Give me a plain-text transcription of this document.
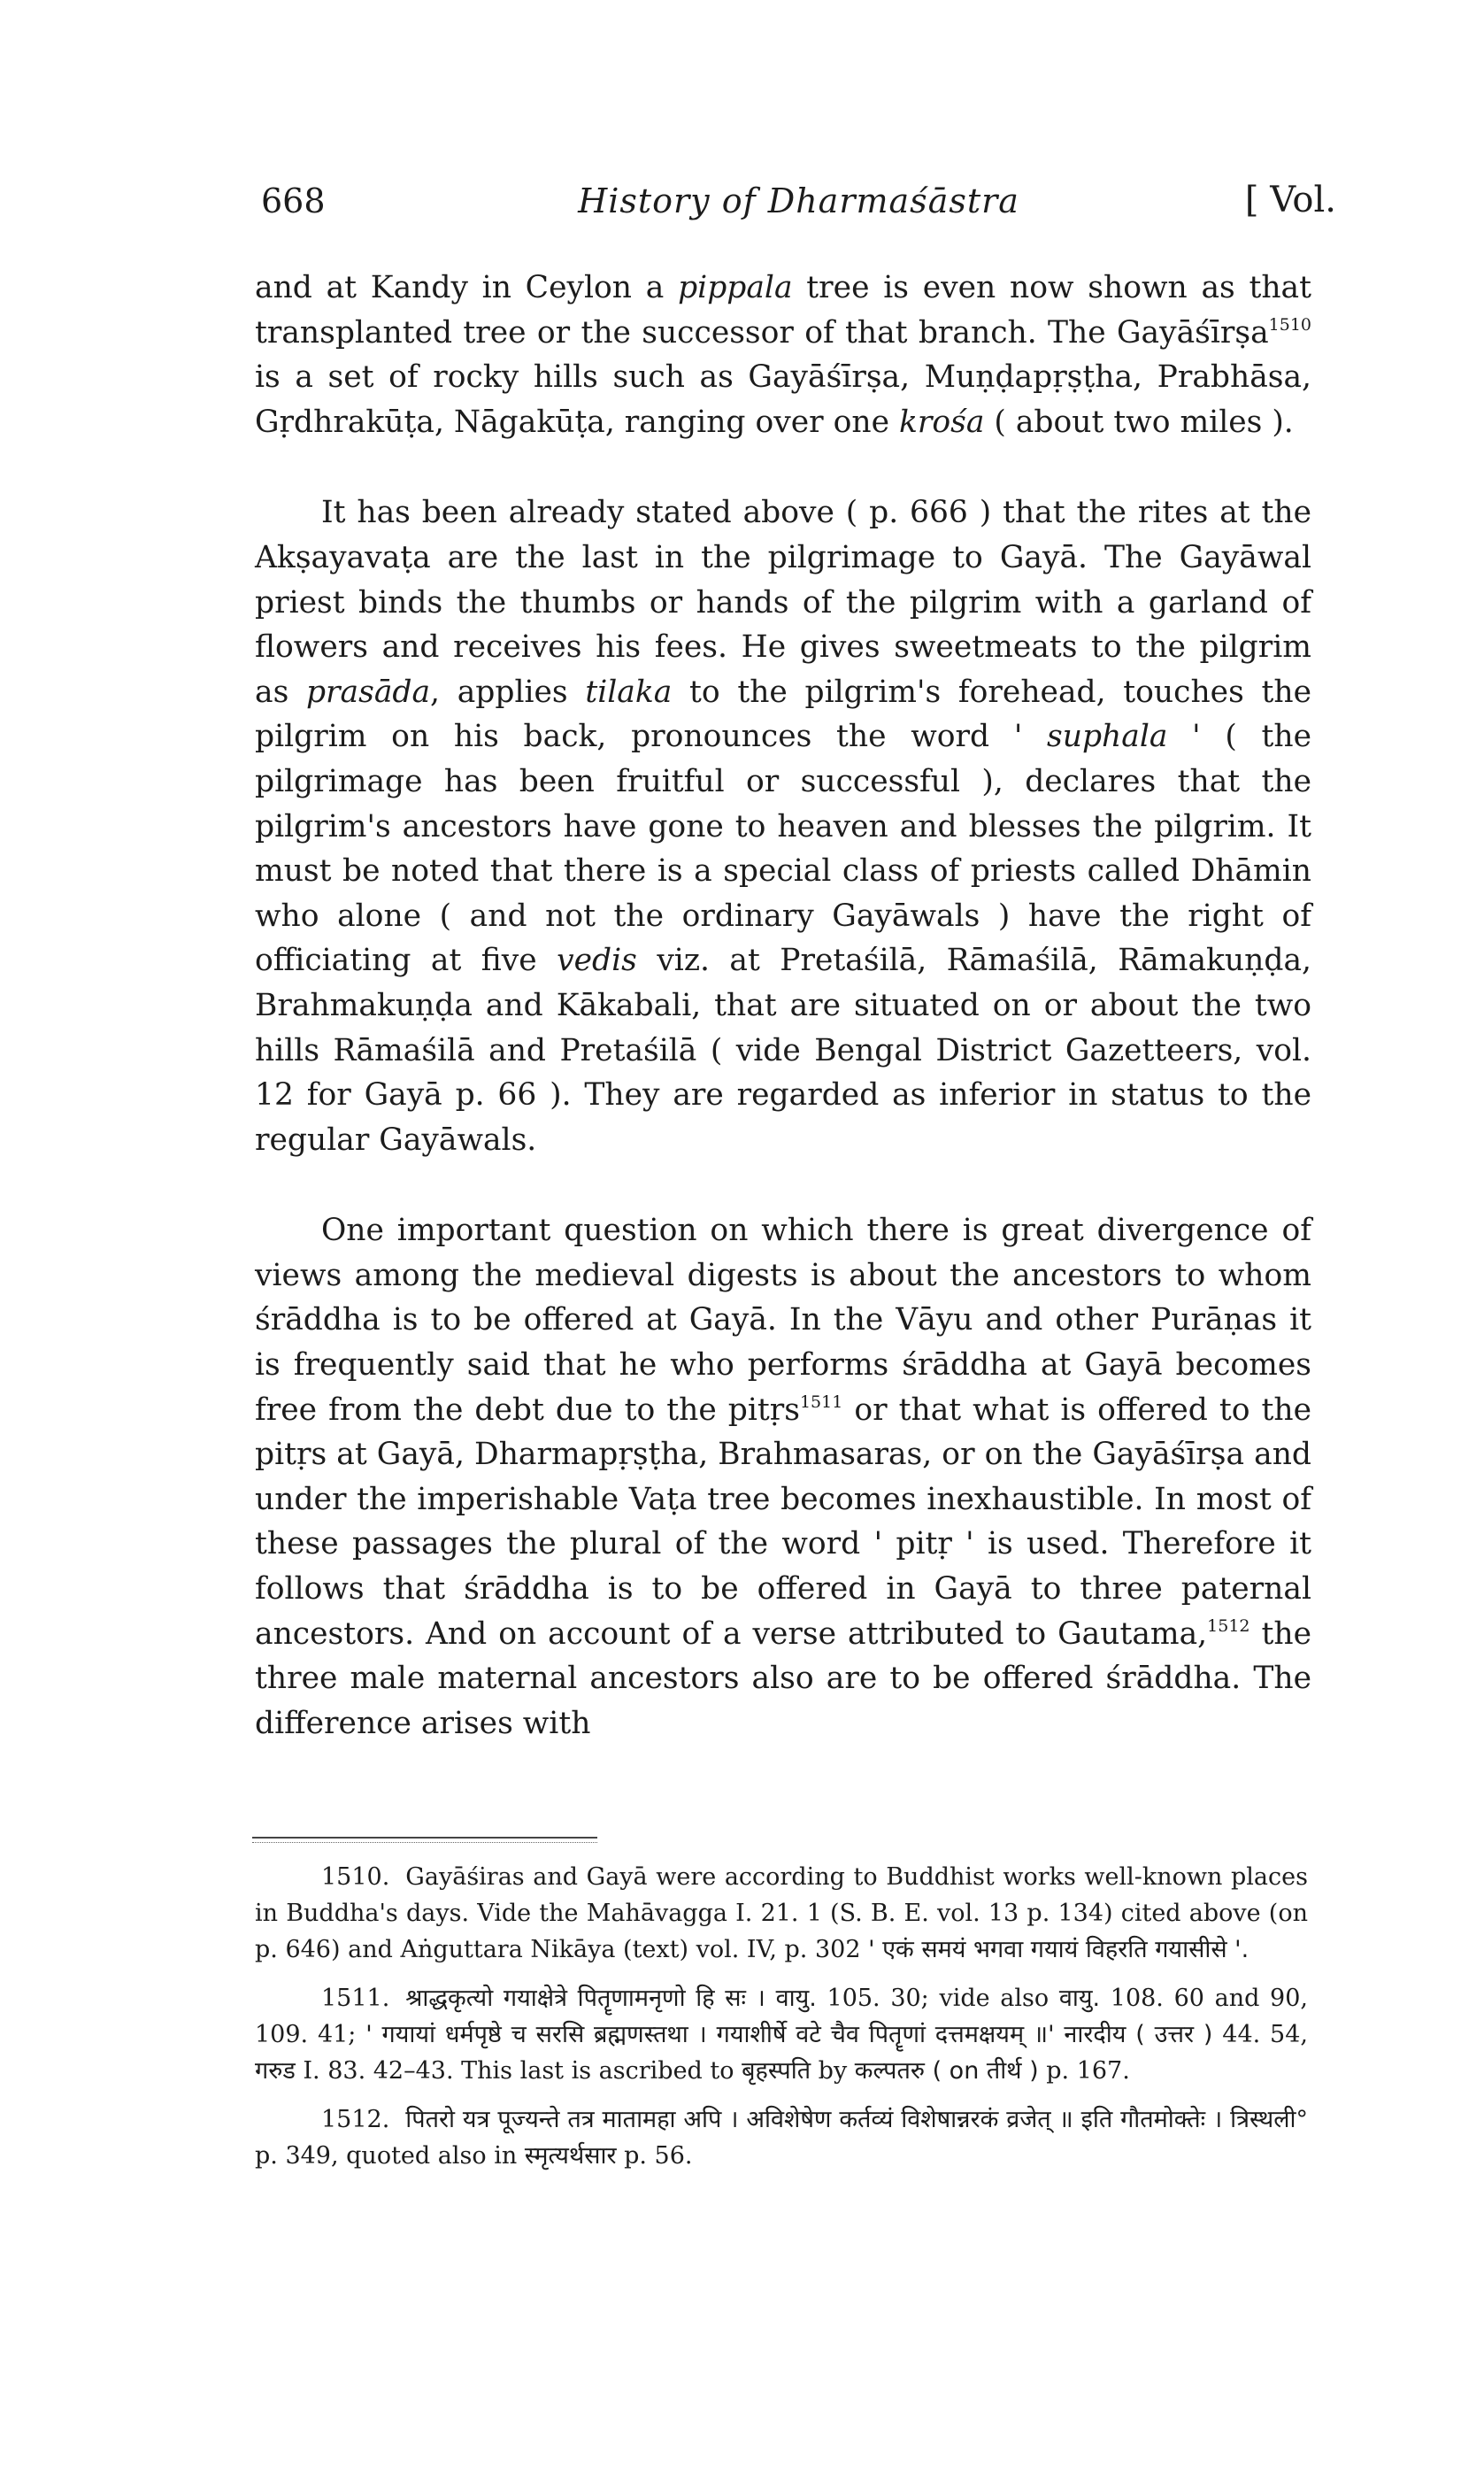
668	History of Dharmaśāstra	[ Vol.

and at Kandy in Ceylon a pippala tree is even now shown as that transplanted tree or the successor of that branch. The Gayāśīrṣa$^{1510}$ is a set of rocky hills such as Gayāśīrṣa, Muṇḍapṛṣṭha, Prabhāsa, Gṛdhrakūṭa, Nāgakūṭa, ranging over one krośa ( about two miles ).

It has been already stated above ( p. 666 ) that the rites at the Akṣayavaṭa are the last in the pilgrimage to Gayā. The Gayāwal priest binds the thumbs or hands of the pilgrim with a garland of flowers and receives his fees. He gives sweetmeats to the pilgrim as prasāda, applies tilaka to the pilgrim's forehead, touches the pilgrim on his back, pronounces the word ' suphala ' ( the pilgrimage has been fruitful or successful ), declares that the pilgrim's ancestors have gone to heaven and blesses the pilgrim. It must be noted that there is a special class of priests called Dhāmin who alone ( and not the ordinary Gayāwals ) have the right of officiating at five vedis viz. at Pretaśilā, Rāmaśilā, Rāmakuṇḍa, Brahmakuṇḍa and Kākabali, that are situated on or about the two hills Rāmaśilā and Pretaśilā ( vide Bengal District Gazetteers, vol. 12 for Gayā p. 66 ). They are regarded as inferior in status to the regular Gayāwals.

One important question on which there is great divergence of views among the medieval digests is about the ancestors to whom śrāddha is to be offered at Gayā. In the Vāyu and other Purāṇas it is frequently said that he who performs śrāddha at Gayā becomes free from the debt due to the pitṛs$^{1511}$ or that what is offered to the pitṛs at Gayā, Dharmapṛṣṭha, Brahmasaras, or on the Gayāśīrṣa and under the imperishable Vaṭa tree becomes inexhaustible. In most of these passages the plural of the word ' pitṛ ' is used. Therefore it follows that śrāddha is to be offered in Gayā to three paternal ancestors. And on account of a verse attributed to Gautama,$^{1512}$ the three male maternal ancestors also are to be offered śrāddha. The difference arises with

1510. Gayāśiras and Gayā were according to Buddhist works well-known places in Buddha's days. Vide the Mahāvagga I. 21. 1 (S. B. E. vol. 13 p. 134) cited above (on p. 646) and Aṅguttara Nikāya (text) vol. IV, p. 302 ' एकं समयं भगवा गयायं विहरति गयासीसे '.

1511. श्राद्धकृत्यो गयाक्षेत्रे पितॄणामनृणो हि सः । वायु. 105. 30; vide also वायु. 108. 60 and 90, 109. 41; ' गयायां धर्मपृष्ठे च सरसि ब्रह्मणस्तथा । गयाशीर्षे वटे चैव पितॄणां दत्तमक्षयम् ॥' नारदीय ( उत्तर ) 44. 54, गरुड I. 83. 42–43. This last is ascribed to बृहस्पति by कल्पतरु ( on तीर्थ ) p. 167.

1512. पितरो यत्र पूज्यन्ते तत्र मातामहा अपि । अविशेषेण कर्तव्यं विशेषान्नरकं व्रजेत् ॥ इति गौतमोक्तेः । त्रिस्थली° p. 349, quoted also in स्मृत्यर्थसार p. 56.
